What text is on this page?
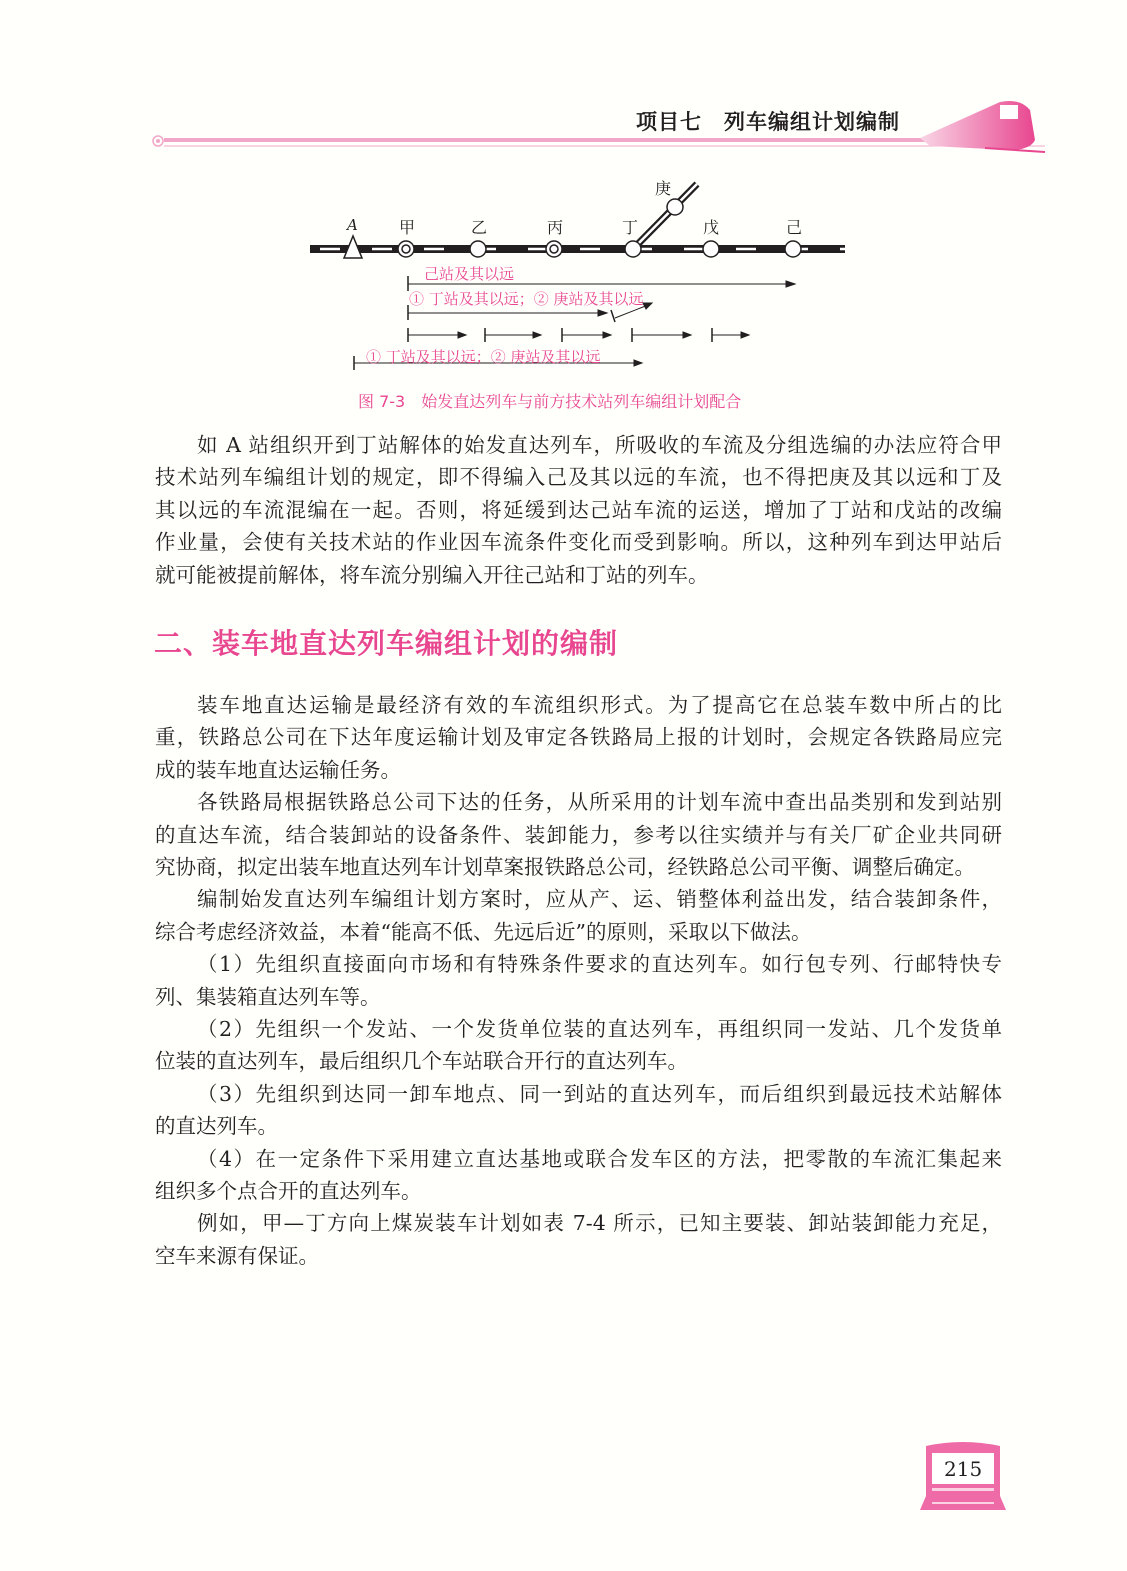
项目七　列车编组计划编制
A	甲	乙	丙	丁	戊	己
庚
己站及其以远
① 丁站及其以远；② 庚站及其以远
① 丁站及其以远；② 庚站及其以远
图 7-3 始发直达列车与前方技术站列车编组计划配合
如 A 站组织开到丁站解体的始发直达列车，所吸收的车流及分组选编的办法应符合甲
技术站列车编组计划的规定，即不得编入己及其以远的车流，也不得把庚及其以远和丁及
其以远的车流混编在一起。否则，将延缓到达己站车流的运送，增加了丁站和戊站的改编
作业量，会使有关技术站的作业因车流条件变化而受到影响。所以，这种列车到达甲站后
就可能被提前解体，将车流分别编入开往己站和丁站的列车。
二、装车地直达列车编组计划的编制
装车地直达运输是最经济有效的车流组织形式。为了提高它在总装车数中所占的比
重，铁路总公司在下达年度运输计划及审定各铁路局上报的计划时，会规定各铁路局应完
成的装车地直达运输任务。
各铁路局根据铁路总公司下达的任务，从所采用的计划车流中查出品类别和发到站别
的直达车流，结合装卸站的设备条件、装卸能力，参考以往实绩并与有关厂矿企业共同研
究协商，拟定出装车地直达列车计划草案报铁路总公司，经铁路总公司平衡、调整后确定。
编制始发直达列车编组计划方案时，应从产、运、销整体利益出发，结合装卸条件，
综合考虑经济效益，本着“能高不低、先远后近”的原则，采取以下做法。
（1）先组织直接面向市场和有特殊条件要求的直达列车。如行包专列、行邮特快专
列、集装箱直达列车等。
（2）先组织一个发站、一个发货单位装的直达列车，再组织同一发站、几个发货单
位装的直达列车，最后组织几个车站联合开行的直达列车。
（3）先组织到达同一卸车地点、同一到站的直达列车，而后组织到最远技术站解体
的直达列车。
（4）在一定条件下采用建立直达基地或联合发车区的方法，把零散的车流汇集起来
组织多个点合开的直达列车。
例如，甲—丁方向上煤炭装车计划如表 7-4 所示，已知主要装、卸站装卸能力充足，
空车来源有保证。
215
